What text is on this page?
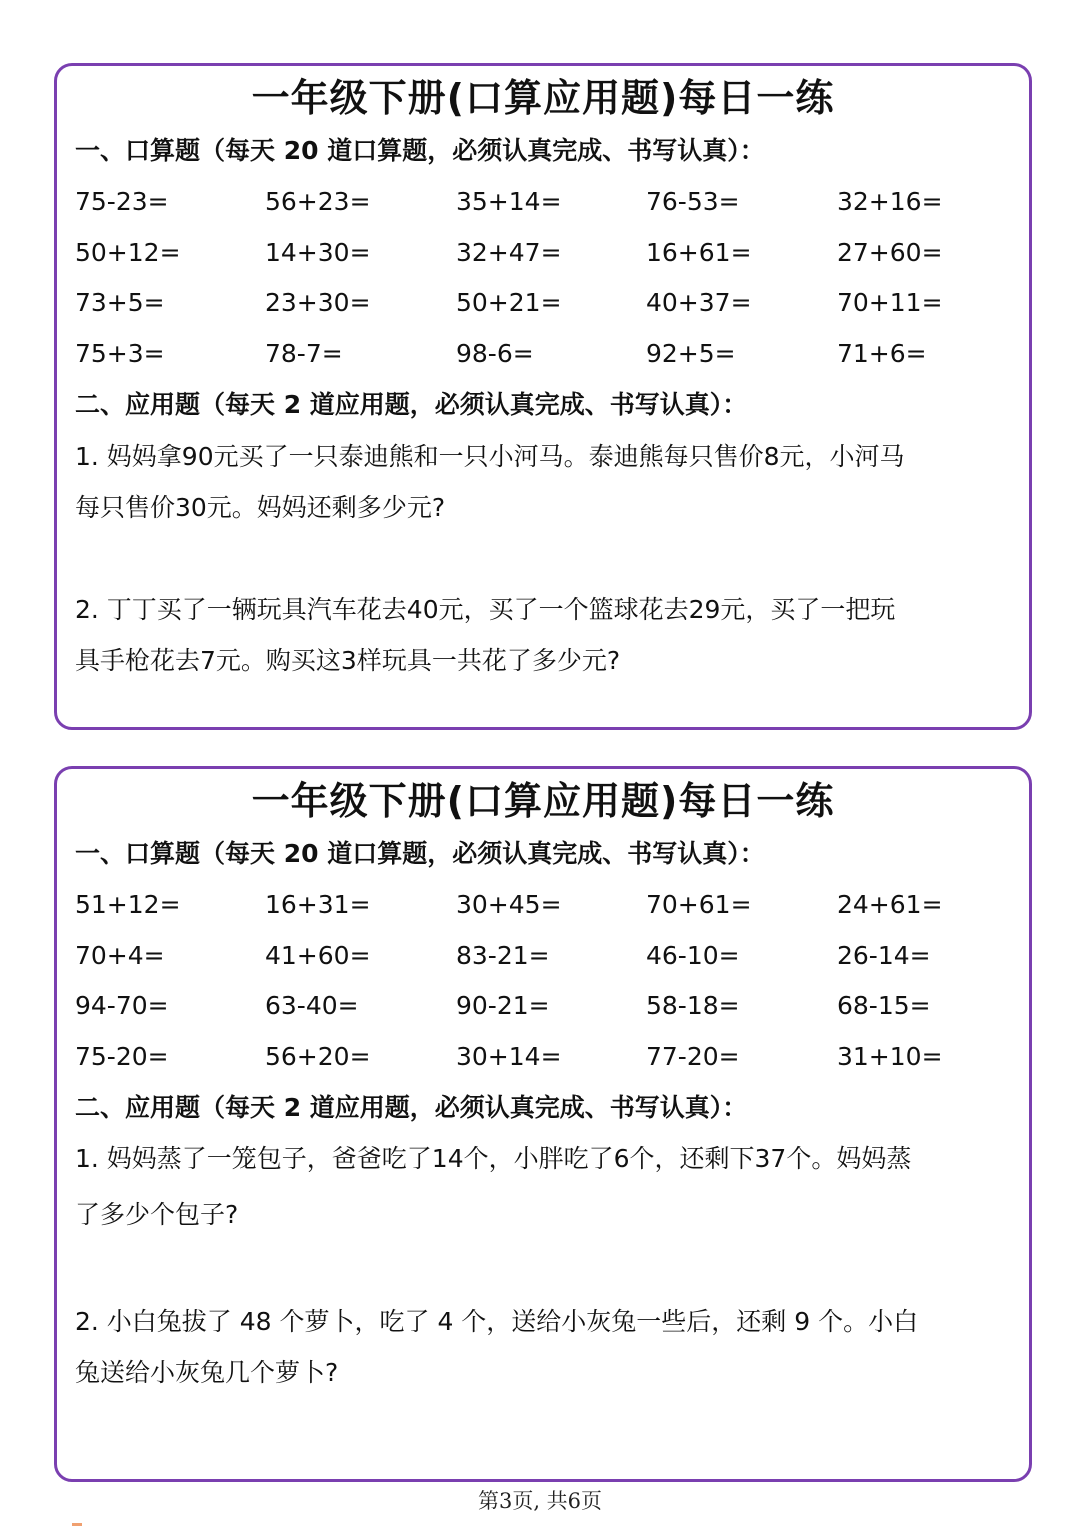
一年级下册(口算应用题)每日一练
一、口算题（每天 20 道口算题，必须认真完成、书写认真）：
75-23=	56+23=	35+14=	76-53=	32+16=
50+12=	14+30=	32+47=	16+61=	27+60=
73+5=	23+30=	50+21=	40+37=	70+11=
75+3=	78-7=	98-6=	92+5=	71+6=
二、应用题（每天 2 道应用题，必须认真完成、书写认真）：
1. 妈妈拿90元买了一只泰迪熊和一只小河马。泰迪熊每只售价8元，小河马
每只售价30元。妈妈还剩多少元?
2. 丁丁买了一辆玩具汽车花去40元，买了一个篮球花去29元，买了一把玩
具手枪花去7元。购买这3样玩具一共花了多少元?
一年级下册(口算应用题)每日一练
一、口算题（每天 20 道口算题，必须认真完成、书写认真）：
51+12=	16+31=	30+45=	70+61=	24+61=
70+4=	41+60=	83-21=	46-10=	26-14=
94-70=	63-40=	90-21=	58-18=	68-15=
75-20=	56+20=	30+14=	77-20=	31+10=
二、应用题（每天 2 道应用题，必须认真完成、书写认真）：
1. 妈妈蒸了一笼包子，爸爸吃了14个，小胖吃了6个，还剩下37个。妈妈蒸
了多少个包子?
2. 小白兔拔了 48 个萝卜，吃了 4 个，送给小灰兔一些后，还剩 9 个。小白
兔送给小灰兔几个萝卜?
第3页, 共6页
